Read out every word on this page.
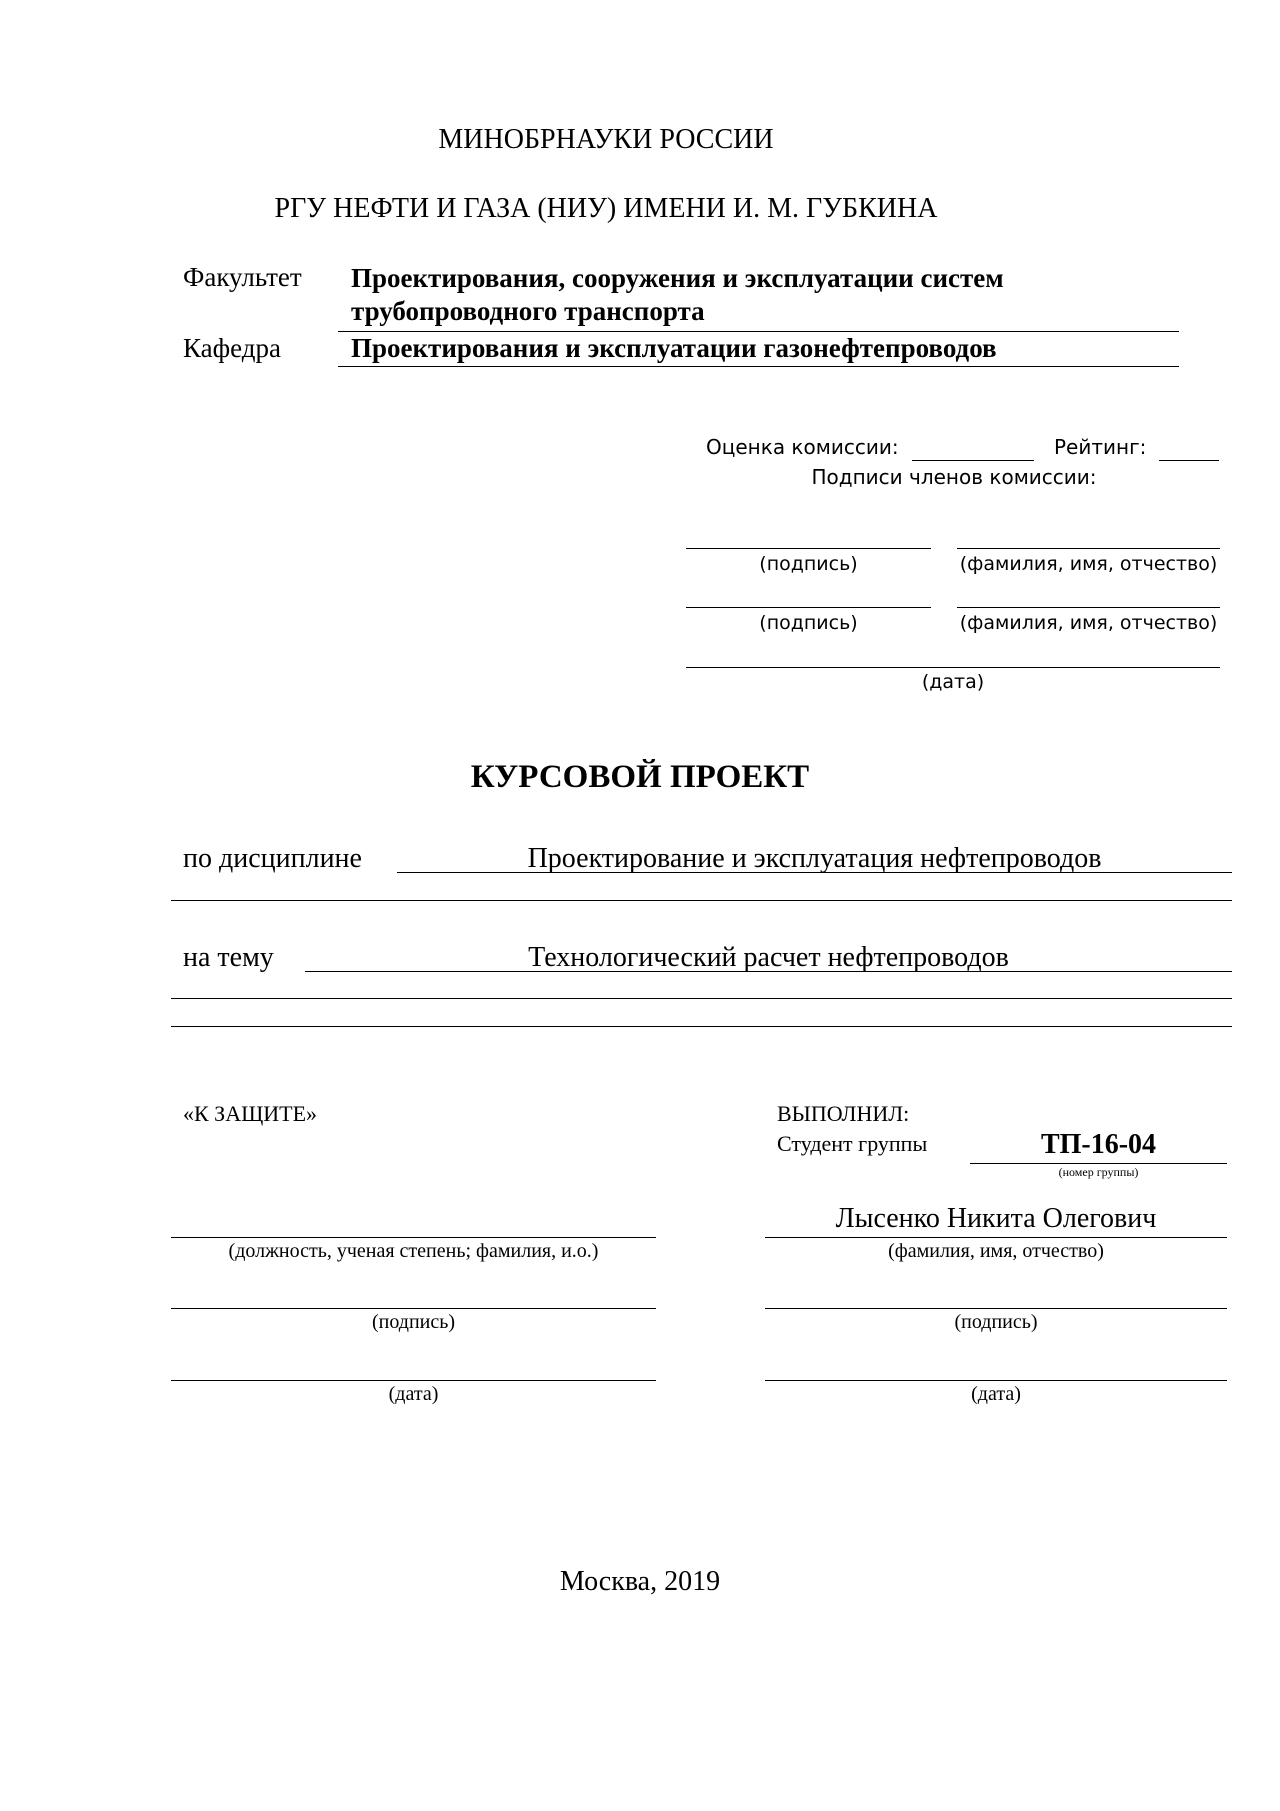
МИНОБРНАУКИ РОССИИ
РГУ НЕФТИ И ГАЗА (НИУ) ИМЕНИ И. М. ГУБКИНА
Факультет Проектирования, сооружения и эксплуатации систем
трубопроводного транспорта
Кафедра	Проектирования и эксплуатации газонефтепроводов
Оценка комиссии:	Рейтинг:
Подписи членов комиссии:
(подпись)	(фамилия, имя, отчество)
(подпись)	(фамилия, имя, отчество)
(дата)
КУРСОВОЙ ПРОЕКТ
по дисциплине	Проектирование и эксплуатация нефтепроводов
на тему	Технологический расчет нефтепроводов
«К ЗАЩИТЕ»
(должность, ученая степень; фамилия, и.о.)
(подпись)
(дата)
ВЫПОЛНИЛ:
Студент группы	ТП-16-04
(номер группы)
Лысенко Никита Олегович
(фамилия, имя, отчество)
(подпись)
(дата)
Москва, 2019
